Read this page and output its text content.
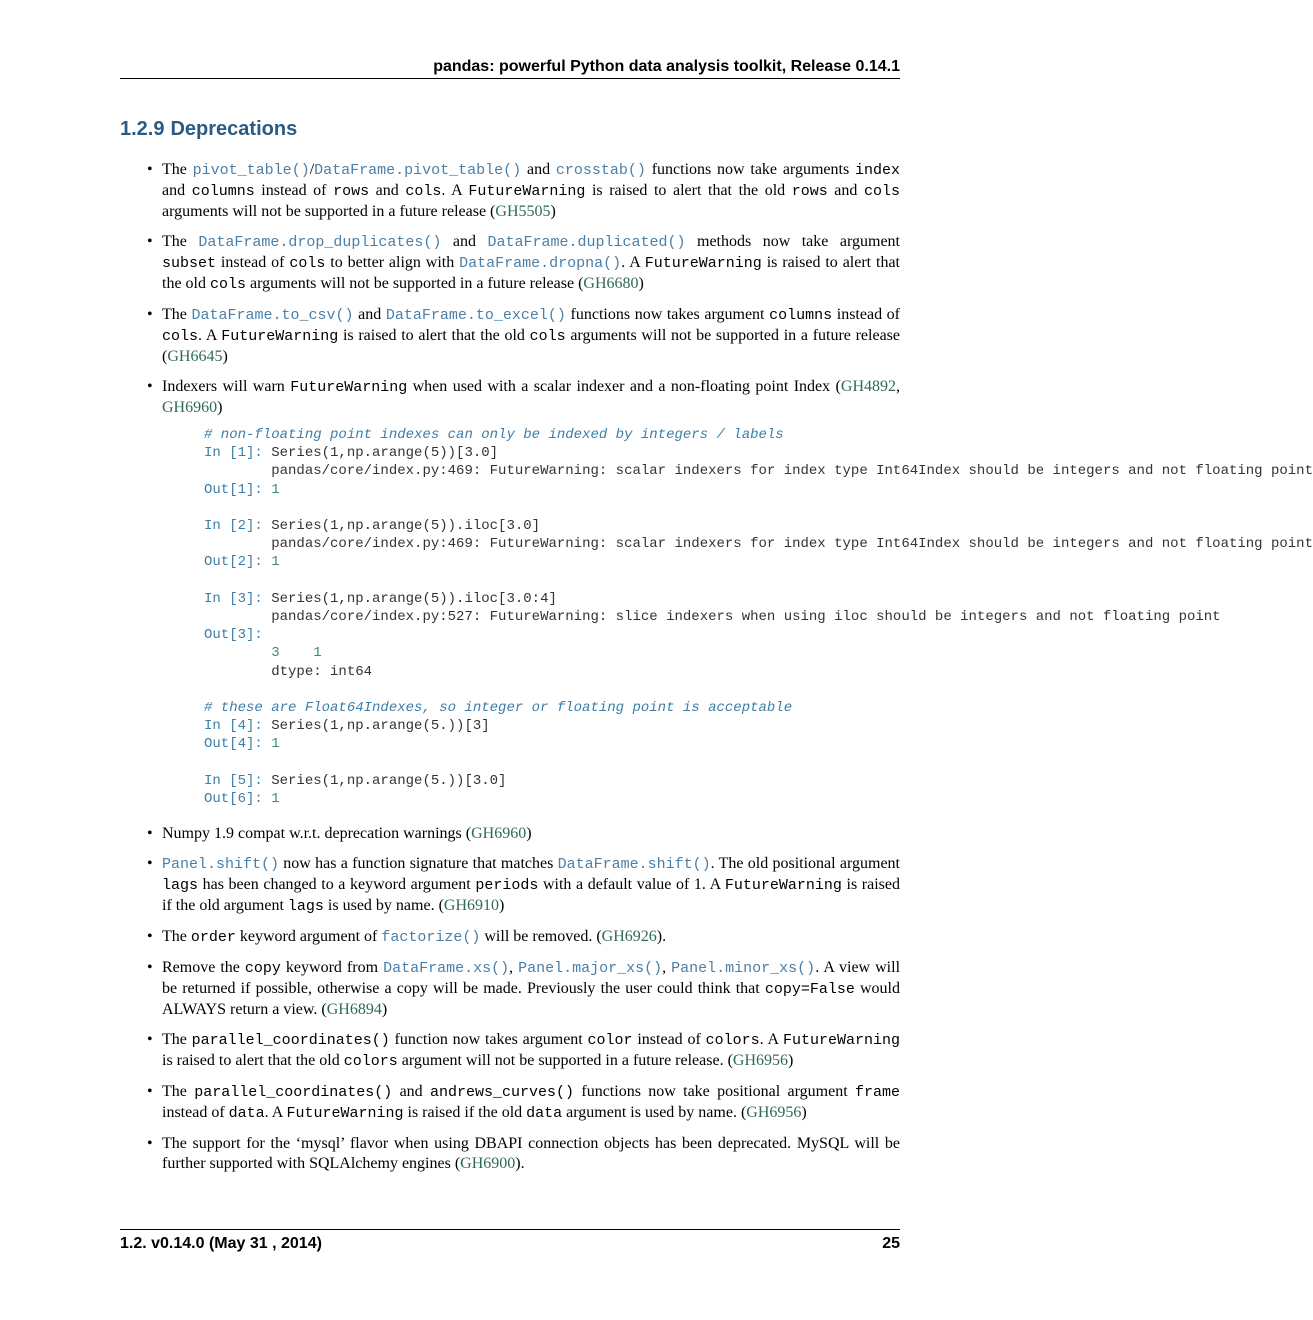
pandas: powerful Python data analysis toolkit, Release 0.14.1
1.2.9 Deprecations
• The pivot_table()/DataFrame.pivot_table() and crosstab() functions now take arguments index and columns instead of rows and cols. A FutureWarning is raised to alert that the old rows and cols arguments will not be supported in a future release (GH5505)
• The DataFrame.drop_duplicates() and DataFrame.duplicated() methods now take argument subset instead of cols to better align with DataFrame.dropna(). A FutureWarning is raised to alert that the old cols arguments will not be supported in a future release (GH6680)
• The DataFrame.to_csv() and DataFrame.to_excel() functions now takes argument columns instead of cols. A FutureWarning is raised to alert that the old cols arguments will not be supported in a future release (GH6645)
• Indexers will warn FutureWarning when used with a scalar indexer and a non-floating point Index (GH4892, GH6960)
# non-floating point indexes can only be indexed by integers / labels
In [1]: Series(1,np.arange(5))[3.0]
pandas/core/index.py:469: FutureWarning: scalar indexers for index type Int64Index should be integers and not floating point
Out[1]: 1

In [2]: Series(1,np.arange(5)).iloc[3.0]
pandas/core/index.py:469: FutureWarning: scalar indexers for index type Int64Index should be integers and not floating point
Out[2]: 1

In [3]: Series(1,np.arange(5)).iloc[3.0:4]
pandas/core/index.py:527: FutureWarning: slice indexers when using iloc should be integers and not floating point
Out[3]:
3    1
dtype: int64

# these are Float64Indexes, so integer or floating point is acceptable
In [4]: Series(1,np.arange(5.))[3]
Out[4]: 1

In [5]: Series(1,np.arange(5.))[3.0]
Out[6]: 1
• Numpy 1.9 compat w.r.t. deprecation warnings (GH6960)
• Panel.shift() now has a function signature that matches DataFrame.shift(). The old positional argument lags has been changed to a keyword argument periods with a default value of 1. A FutureWarning is raised if the old argument lags is used by name. (GH6910)
• The order keyword argument of factorize() will be removed. (GH6926).
• Remove the copy keyword from DataFrame.xs(), Panel.major_xs(), Panel.minor_xs(). A view will be returned if possible, otherwise a copy will be made. Previously the user could think that copy=False would ALWAYS return a view. (GH6894)
• The parallel_coordinates() function now takes argument color instead of colors. A FutureWarning is raised to alert that the old colors argument will not be supported in a future release. (GH6956)
• The parallel_coordinates() and andrews_curves() functions now take positional argument frame instead of data. A FutureWarning is raised if the old data argument is used by name. (GH6956)
• The support for the ‘mysql’ flavor when using DBAPI connection objects has been deprecated. MySQL will be further supported with SQLAlchemy engines (GH6900).
1.2. v0.14.0 (May 31 , 2014)	25
